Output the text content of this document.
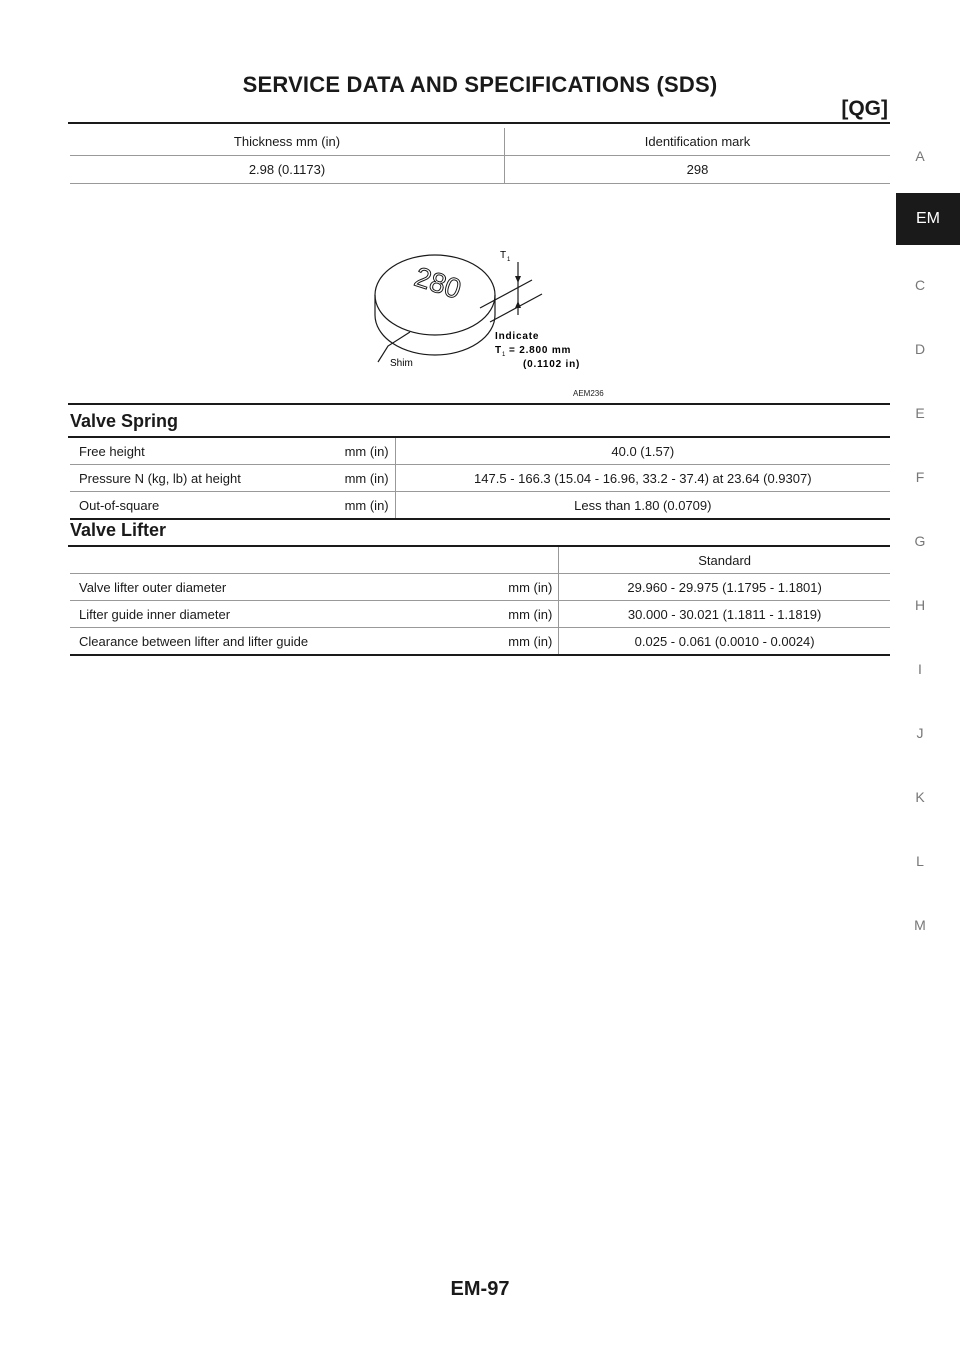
SERVICE DATA AND SPECIFICATIONS (SDS)
[QG]
A
EM
C
D
E
F
G
H
I
J
K
L
M
Thickness mm (in)	Identification mark
2.98 (0.1173)	298
280
T 1
Indicate
T 1 = 2.800 mm
(0.1102 in)
Shim
AEM236
Valve Spring
Free height	mm (in)	40.0 (1.57)
Pressure N (kg, lb) at height	mm (in)	147.5 - 166.3 (15.04 - 16.96, 33.2 - 37.4) at 23.64 (0.9307)
Out-of-square	mm (in)	Less than 1.80 (0.0709)
Valve Lifter
		Standard
Valve lifter outer diameter	mm (in)	29.960 - 29.975 (1.1795 - 1.1801)
Lifter guide inner diameter	mm (in)	30.000 - 30.021 (1.1811 - 1.1819)
Clearance between lifter and lifter guide	mm (in)	0.025 - 0.061 (0.0010 - 0.0024)
EM-97
